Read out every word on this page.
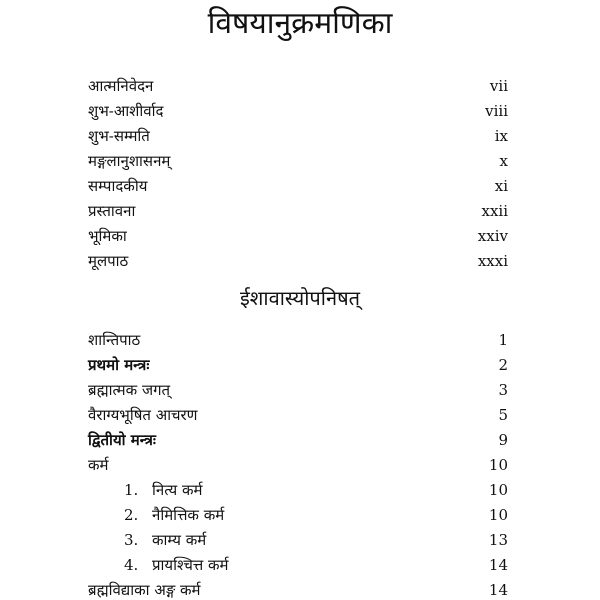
विषयानुक्रमणिका
आत्मनिवेदन	vii
शुभ-आशीर्वाद	viii
शुभ-सम्मति	ix
मङ्गलानुशासनम्	x
सम्पादकीय	xi
प्रस्तावना	xxii
भूमिका	xxiv
मूलपाठ	xxxi
ईशावास्योपनिषत्
शान्तिपाठ	1
प्रथमो मन्त्रः	2
ब्रह्मात्मक जगत्	3
वैराग्यभूषित आचरण	5
द्वितीयो मन्त्रः	9
कर्म	10
1. नित्य कर्म	10
2. नैमित्तिक कर्म	10
3. काम्य कर्म	13
4. प्रायश्चित्त कर्म	14
ब्रह्मविद्याका अङ्ग कर्म	14
